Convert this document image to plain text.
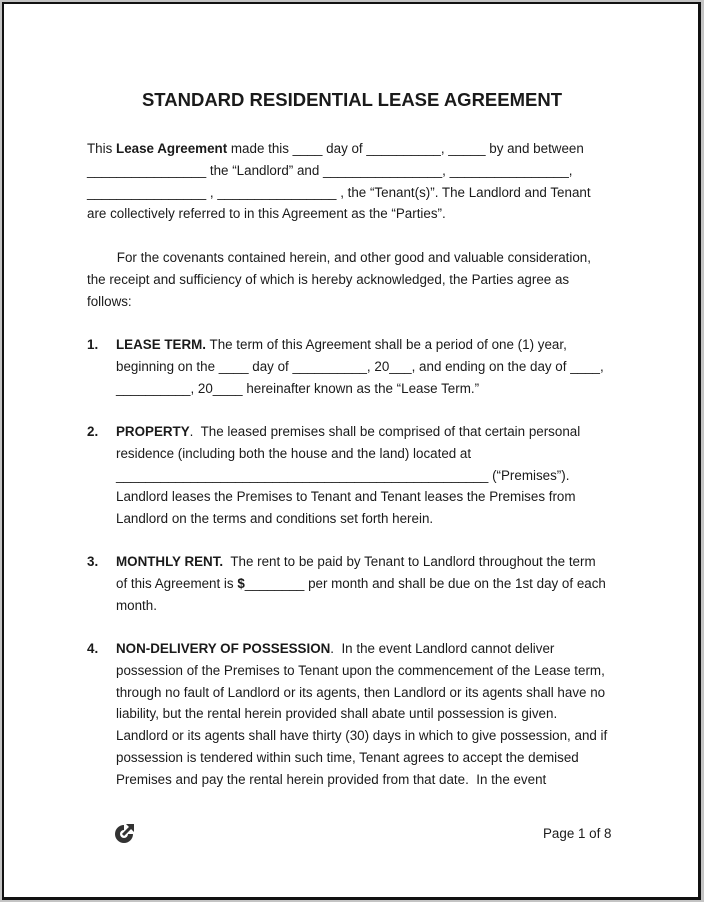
STANDARD RESIDENTIAL LEASE AGREEMENT
This Lease Agreement made this ____ day of __________, _____ by and between
________________ the “Landlord” and ________________, ________________,
________________ , ________________ , the “Tenant(s)”. The Landlord and Tenant
are collectively referred to in this Agreement as the “Parties”.
For the covenants contained herein, and other good and valuable consideration,
the receipt and sufficiency of which is hereby acknowledged, the Parties agree as
follows:
1. LEASE TERM. The term of this Agreement shall be a period of one (1) year,
beginning on the ____ day of __________, 20___, and ending on the day of ____,
__________, 20____ hereinafter known as the “Lease Term.”
2. PROPERTY.  The leased premises shall be comprised of that certain personal
residence (including both the house and the land) located at
__________________________________________________ (“Premises”).
Landlord leases the Premises to Tenant and Tenant leases the Premises from
Landlord on the terms and conditions set forth herein.
3. MONTHLY RENT.  The rent to be paid by Tenant to Landlord throughout the term
of this Agreement is $________ per month and shall be due on the 1st day of each
month.
4. NON-DELIVERY OF POSSESSION.  In the event Landlord cannot deliver
possession of the Premises to Tenant upon the commencement of the Lease term,
through no fault of Landlord or its agents, then Landlord or its agents shall have no
liability, but the rental herein provided shall abate until possession is given.
Landlord or its agents shall have thirty (30) days in which to give possession, and if
possession is tendered within such time, Tenant agrees to accept the demised
Premises and pay the rental herein provided from that date.  In the event
Page 1 of 8
